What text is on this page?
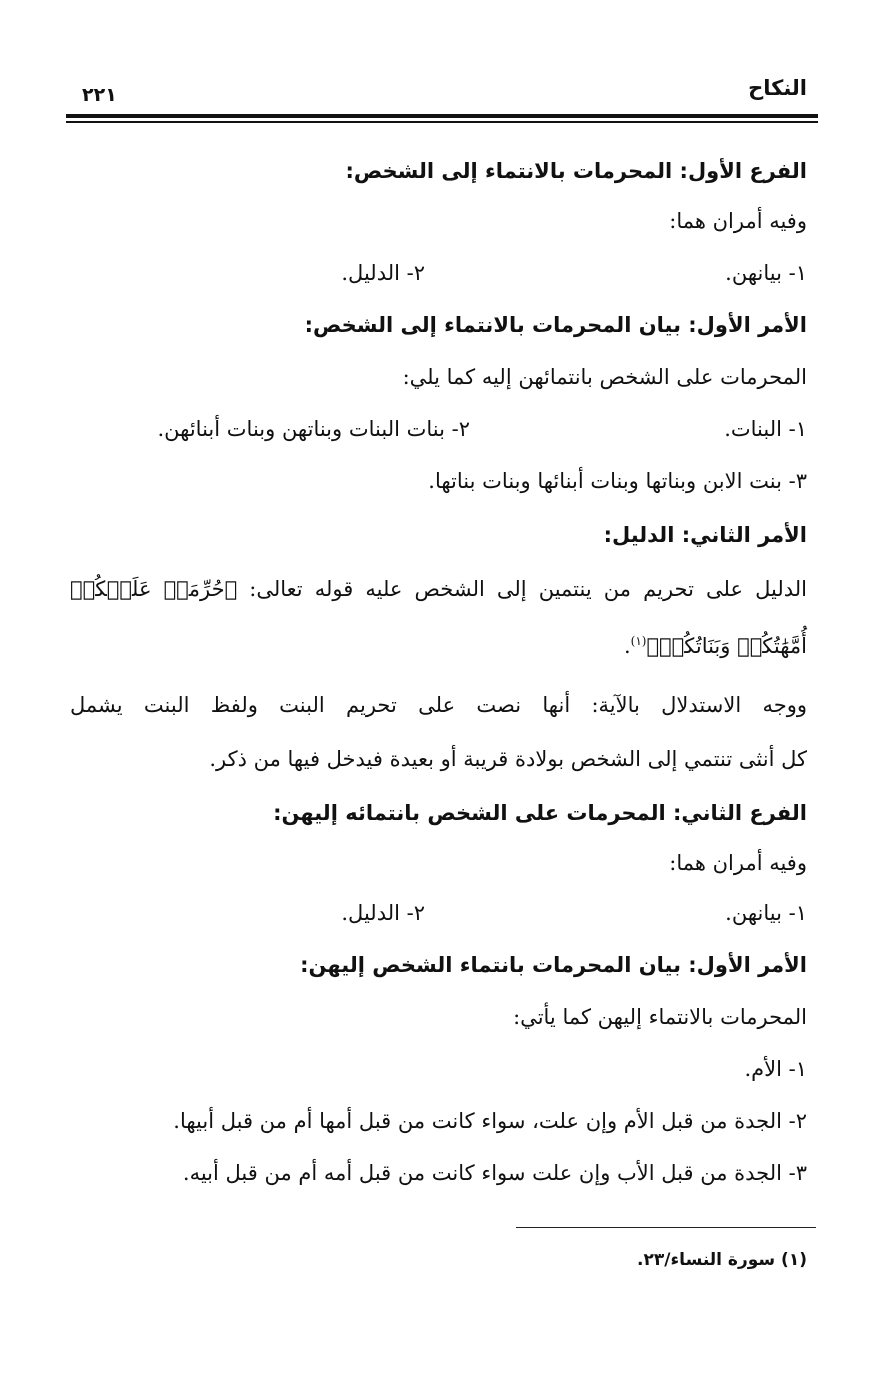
النكاح
٢٢١
الفرع الأول: المحرمات بالانتماء إلى الشخص:
وفيه أمران هما:
١- بيانهن.
٢- الدليل.
الأمر الأول: بيان المحرمات بالانتماء إلى الشخص:
المحرمات على الشخص بانتمائهن إليه كما يلي:
١- البنات.
٢- بنات البنات وبناتهن وبنات أبنائهن.
٣- بنت الابن وبناتها وبنات أبنائها وبنات بناتها.
الأمر الثاني: الدليل:
الدليل على تحريم من ينتمين إلى الشخص عليه قوله تعالى: ﴿حُرِّمَتۡ عَلَيۡكُمۡ
أُمَّهَٰتُكُمۡ وَبَنَاتُكُمۡ﴾$^{(١)}$.
ووجه الاستدلال بالآية: أنها نصت على تحريم البنت ولفظ البنت يشمل
كل أنثى تنتمي إلى الشخص بولادة قريبة أو بعيدة فيدخل فيها من ذكر.
الفرع الثاني: المحرمات على الشخص بانتمائه إليهن:
وفيه أمران هما:
١- بيانهن.
٢- الدليل.
الأمر الأول: بيان المحرمات بانتماء الشخص إليهن:
المحرمات بالانتماء إليهن كما يأتي:
١- الأم.
٢- الجدة من قبل الأم وإن علت، سواء كانت من قبل أمها أم من قبل أبيها.
٣- الجدة من قبل الأب وإن علت سواء كانت من قبل أمه أم من قبل أبيه.
(١) سورة النساء/٢٣.
